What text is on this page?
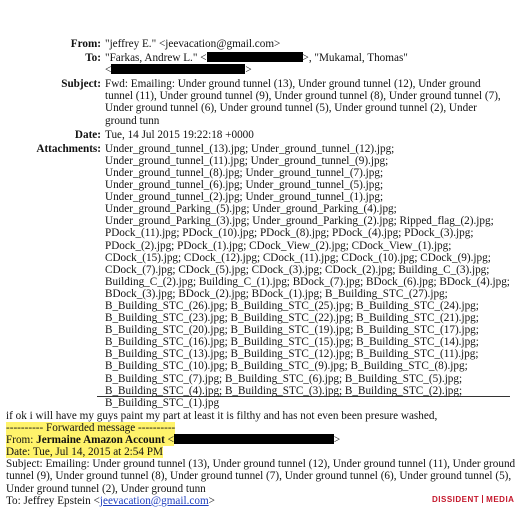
From: "jeffrey E." <jeevacation@gmail.com>
To: "Farkas, Andrew L." <	>, "Mukamal, Thomas"
<	>
Subject: Fwd: Emailing: Under ground tunnel (13), Under ground tunnel (12), Under ground tunnel (11), Under ground tunnel (9), Under ground tunnel (8), Under ground tunnel (7), Under ground tunnel (6), Under ground tunnel (5), Under ground tunnel (2), Under ground tunn
Date: Tue, 14 Jul 2015 19:22:18 +0000
Attachments: Under_ground_tunnel_(13).jpg; Under_ground_tunnel_(12).jpg;
Under_ground_tunnel_(11).jpg; Under_ground_tunnel_(9).jpg;
Under_ground_tunnel_(8).jpg; Under_ground_tunnel_(7).jpg;
Under_ground_tunnel_(6).jpg; Under_ground_tunnel_(5).jpg;
Under_ground_tunnel_(2).jpg; Under_ground_tunnel_(1).jpg;
Under_ground_Parking_(5).jpg; Under_ground_Parking_(4).jpg;
Under_ground_Parking_(3).jpg; Under_ground_Parking_(2).jpg; Ripped_flag_(2).jpg;
PDock_(11).jpg; PDock_(10).jpg; PDock_(8).jpg; PDock_(4).jpg; PDock_(3).jpg;
PDock_(2).jpg; PDock_(1).jpg; CDock_View_(2).jpg; CDock_View_(1).jpg;
CDock_(15).jpg; CDock_(12).jpg; CDock_(11).jpg; CDock_(10).jpg; CDock_(9).jpg;
CDock_(7).jpg; CDock_(5).jpg; CDock_(3).jpg; CDock_(2).jpg; Building_C_(3).jpg;
Building_C_(2).jpg; Building_C_(1).jpg; BDock_(7).jpg; BDock_(6).jpg; BDock_(4).jpg;
BDock_(3).jpg; BDock_(2).jpg; BDock_(1).jpg; B_Building_STC_(27).jpg;
B_Building_STC_(26).jpg; B_Building_STC_(25).jpg; B_Building_STC_(24).jpg;
B_Building_STC_(23).jpg; B_Building_STC_(22).jpg; B_Building_STC_(21).jpg;
B_Building_STC_(20).jpg; B_Building_STC_(19).jpg; B_Building_STC_(17).jpg;
B_Building_STC_(16).jpg; B_Building_STC_(15).jpg; B_Building_STC_(14).jpg;
B_Building_STC_(13).jpg; B_Building_STC_(12).jpg; B_Building_STC_(11).jpg;
B_Building_STC_(10).jpg; B_Building_STC_(9).jpg; B_Building_STC_(8).jpg;
B_Building_STC_(7).jpg; B_Building_STC_(6).jpg; B_Building_STC_(5).jpg;
B_Building_STC_(4).jpg; B_Building_STC_(3).jpg; B_Building_STC_(2).jpg;
B_Building_STC_(1).jpg
if ok i will have my guys paint my part at least it is filthy and has not even been presure washed,
---------- Forwarded message ----------
From: Jermaine Amazon Account <	>
Date: Tue, Jul 14, 2015 at 2:54 PM
Subject: Emailing: Under ground tunnel (13), Under ground tunnel (12), Under ground tunnel (11), Under ground tunnel (9), Under ground tunnel (8), Under ground tunnel (7), Under ground tunnel (6), Under ground tunnel (5), Under ground tunnel (2), Under ground tunn
To: Jeffrey Epstein <jeevacation@gmail.com>	DISSIDENT MEDIA
